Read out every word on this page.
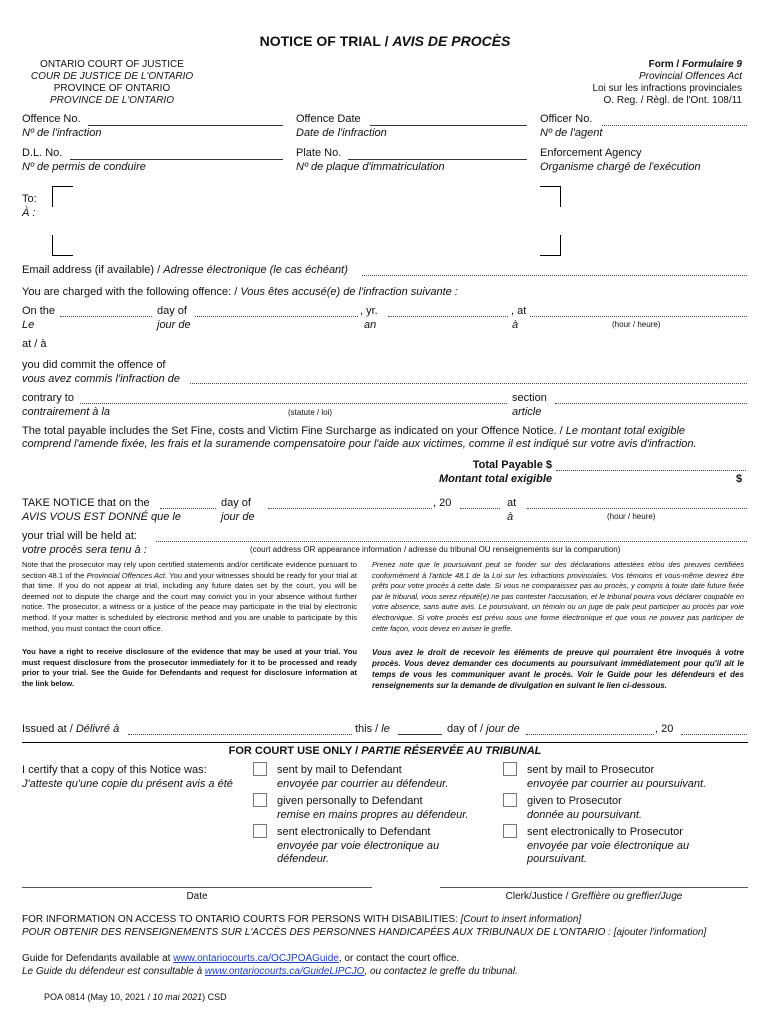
NOTICE OF TRIAL / AVIS DE PROCÈS
ONTARIO COURT OF JUSTICE
COUR DE JUSTICE DE L'ONTARIO
PROVINCE OF ONTARIO
PROVINCE DE L'ONTARIO
Form / Formulaire 9
Provincial Offences Act
Loi sur les infractions provinciales
O. Reg. / Règl. de l'Ont. 108/11
Offence No.
Nº de l'infraction
Offence Date
Date de l'infraction
Officer No.
Nº de l'agent
D.L. No.
Nº de permis de conduire
Plate No.
Nº de plaque d'immatriculation
Enforcement Agency
Organisme chargé de l'exécution
To:
À :
Email address (if available) / Adresse électronique (le cas échéant)
You are charged with the following offence: / Vous êtes accusé(e) de l'infraction suivante :
On the
Le
day of
jour de
, yr.
an
, at
à	(hour / heure)
at / à
you did commit the offence of
vous avez commis l'infraction de
contrary to
contrairement à la	(statute / loi)
section
article
The total payable includes the Set Fine, costs and Victim Fine Surcharge as indicated on your Offence Notice. / Le montant total exigible
comprend l'amende fixée, les frais et la suramende compensatoire pour l'aide aux victimes, comme il est indiqué sur votre avis d'infraction.
Total Payable $
Montant total exigible	$
TAKE NOTICE that on the
AVIS VOUS EST DONNÉ que le
day of
jour de
, 20	at
à	(hour / heure)
your trial will be held at:
votre procès sera tenu à :	(court address OR appearance information / adresse du tribunal OU renseignements sur la comparution)
Note that the prosecutor may rely upon certified statements and/or certificate evidence pursuant to section 48.1 of the Provincial Offences Act. You and your witnesses should be ready for your trial at that time. If you do not appear at trial, including any future dates set by the court, you will be deemed not to dispute the charge and the court may convict you in your absence without further notice. The prosecutor, a witness or a justice of the peace may participate in the trial by electronic method. If your matter is scheduled by electronic method and you are unable to participate by this method, you must contact the court office.
You have a right to receive disclosure of the evidence that may be used at your trial. You must request disclosure from the prosecutor immediately for it to be processed and ready prior to your trial. See the Guide for Defendants and request for disclosure information at the link below.
Prenez note que le poursuivant peut se fonder sur des déclarations attestées et/ou des preuves certifiées conformément à l'article 48.1 de la Loi sur les infractions provinciales. Vos témoins et vous-même devrez être prêts pour votre procès à cette date. Si vous ne comparaissez pas au procès, y compris à toute date future fixée par le tribunal, vous serez réputé(e) ne pas contester l'accusation, et le tribunal pourra vous déclarer coupable en votre absence, sans autre avis. Le poursuivant, un témoin ou un juge de paix peut participer au procès par voie électronique. Si votre procès est prévu sous une forme électronique et que vous ne pouvez pas participer de cette façon, vous devez en aviser le greffe.
Vous avez le droit de recevoir les éléments de preuve qui pourraient être invoqués à votre procès. Vous devez demander ces documents au poursuivant immédiatement pour qu'il ait le temps de vous les communiquer avant le procès. Voir le Guide pour les défendeurs et des renseignements sur la demande de divulgation en suivant le lien ci-dessous.
Issued at / Délivré à	this / le	day of / jour de	, 20
FOR COURT USE ONLY / PARTIE RÉSERVÉE AU TRIBUNAL
I certify that a copy of this Notice was:
J'atteste qu'une copie du présent avis a été
sent by mail to Defendant
envoyée par courrier au défendeur.
given personally to Defendant
remise en mains propres au défendeur.
sent electronically to Defendant
envoyée par voie électronique au défendeur.
sent by mail to Prosecutor
envoyée par courrier au poursuivant.
given to Prosecutor
donnée au poursuivant.
sent electronically to Prosecutor
envoyée par voie électronique au poursuivant.
Date	Clerk/Justice / Greffière ou greffier/Juge
FOR INFORMATION ON ACCESS TO ONTARIO COURTS FOR PERSONS WITH DISABILITIES: [Court to insert information]
POUR OBTENIR DES RENSEIGNEMENTS SUR L'ACCÈS DES PERSONNES HANDICAPÉES AUX TRIBUNAUX DE L'ONTARIO : [ajouter l'information]
Guide for Defendants available at www.ontariocourts.ca/OCJPOAGuide, or contact the court office.
Le Guide du défendeur est consultable à www.ontariocourts.ca/GuideLIPCJO, ou contactez le greffe du tribunal.
POA 0814 (May 10, 2021 / 10 mai 2021) CSD
